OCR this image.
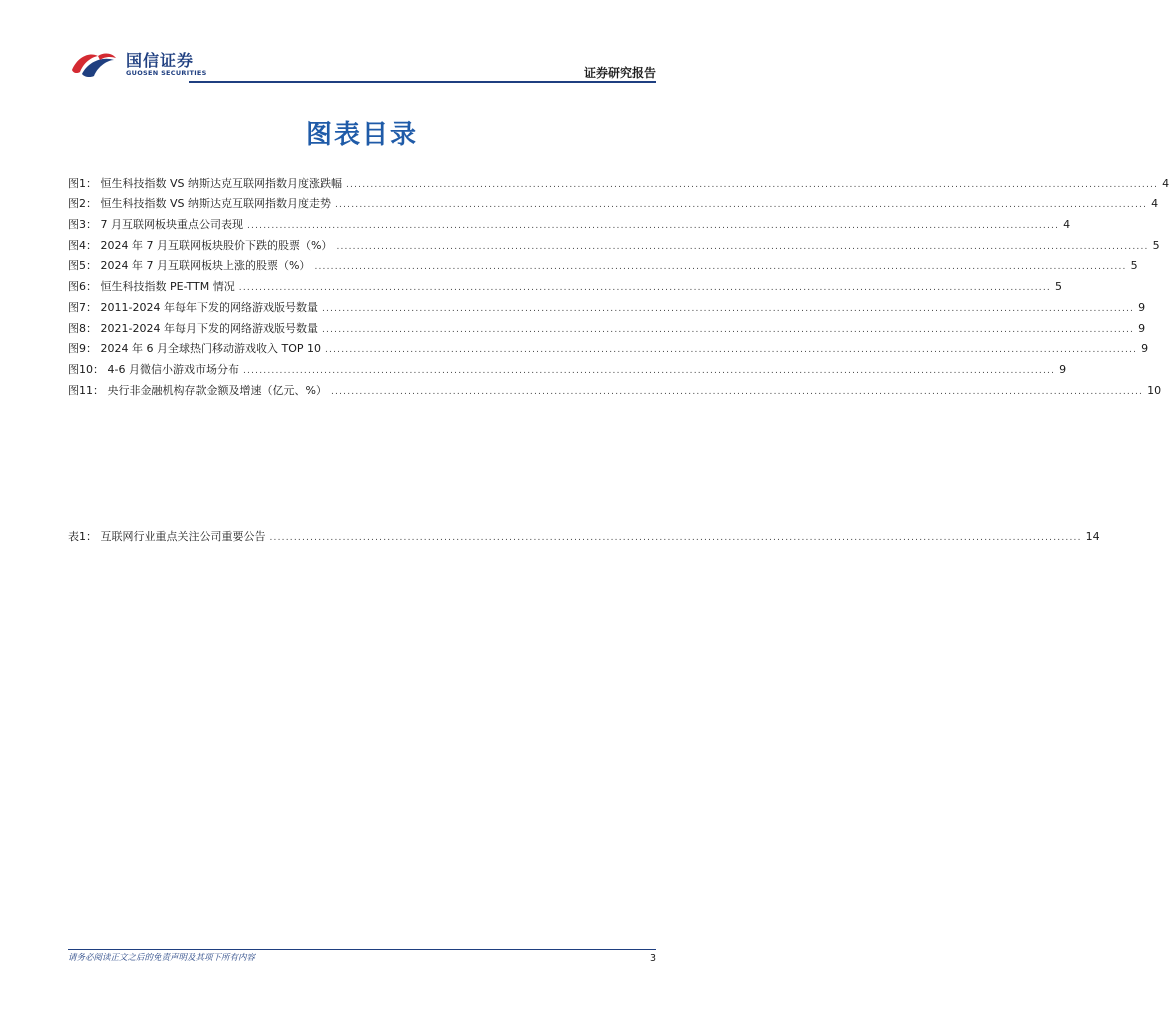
国信证券
GUOSEN SECURITIES	证券研究报告
图表目录
图1： 恒生科技指数 VS 纳斯达克互联网指数月度涨跌幅 ........................................................................................................................................................................................................ 4
图2： 恒生科技指数 VS 纳斯达克互联网指数月度走势 ........................................................................................................................................................................................................ 4
图3： 7 月互联网板块重点公司表现 ........................................................................................................................................................................................................ 4
图4： 2024 年 7 月互联网板块股价下跌的股票（%） ........................................................................................................................................................................................................ 5
图5： 2024 年 7 月互联网板块上涨的股票（%） ........................................................................................................................................................................................................ 5
图6： 恒生科技指数 PE-TTM 情况 ........................................................................................................................................................................................................ 5
图7： 2011-2024 年每年下发的网络游戏版号数量 ........................................................................................................................................................................................................ 9
图8： 2021-2024 年每月下发的网络游戏版号数量 ........................................................................................................................................................................................................ 9
图9： 2024 年 6 月全球热门移动游戏收入 TOP 10 ........................................................................................................................................................................................................ 9
图10： 4-6 月微信小游戏市场分布 ........................................................................................................................................................................................................ 9
图11： 央行非金融机构存款金额及增速（亿元、%） ........................................................................................................................................................................................................ 10
表1： 互联网行业重点关注公司重要公告 ........................................................................................................................................................................................................ 14
请务必阅读正文之后的免责声明及其项下所有内容	3
